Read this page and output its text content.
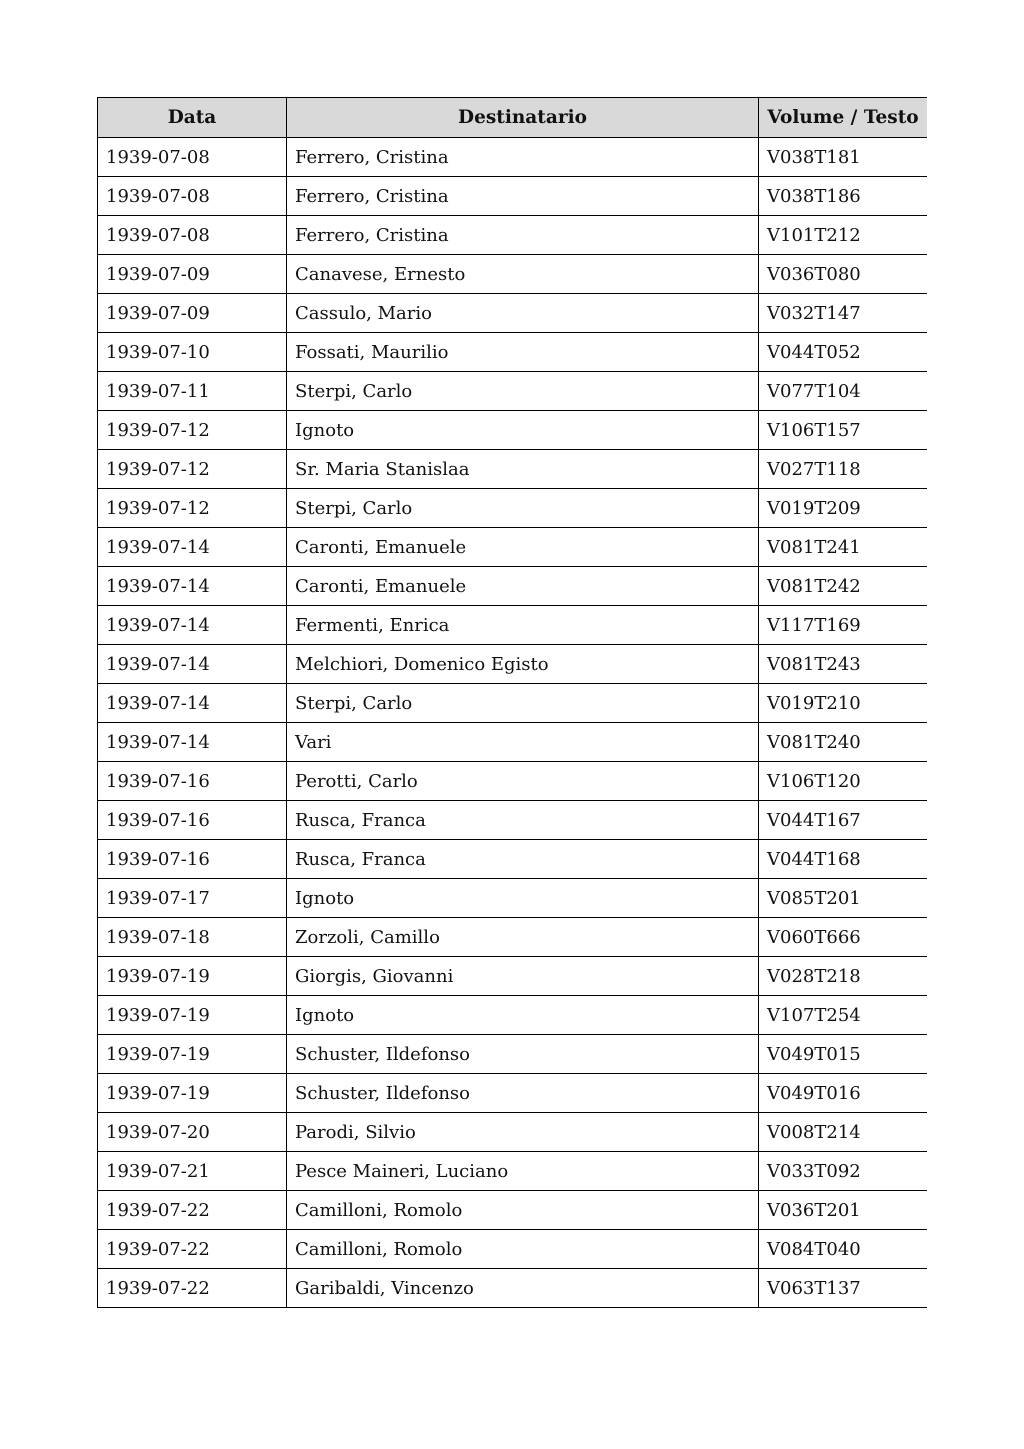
Data	Destinatario	Volume / Testo
1939-07-08	Ferrero, Cristina	V038T181
1939-07-08	Ferrero, Cristina	V038T186
1939-07-08	Ferrero, Cristina	V101T212
1939-07-09	Canavese, Ernesto	V036T080
1939-07-09	Cassulo, Mario	V032T147
1939-07-10	Fossati, Maurilio	V044T052
1939-07-11	Sterpi, Carlo	V077T104
1939-07-12	Ignoto	V106T157
1939-07-12	Sr. Maria Stanislaa	V027T118
1939-07-12	Sterpi, Carlo	V019T209
1939-07-14	Caronti, Emanuele	V081T241
1939-07-14	Caronti, Emanuele	V081T242
1939-07-14	Fermenti, Enrica	V117T169
1939-07-14	Melchiori, Domenico Egisto	V081T243
1939-07-14	Sterpi, Carlo	V019T210
1939-07-14	Vari	V081T240
1939-07-16	Perotti, Carlo	V106T120
1939-07-16	Rusca, Franca	V044T167
1939-07-16	Rusca, Franca	V044T168
1939-07-17	Ignoto	V085T201
1939-07-18	Zorzoli, Camillo	V060T666
1939-07-19	Giorgis, Giovanni	V028T218
1939-07-19	Ignoto	V107T254
1939-07-19	Schuster, Ildefonso	V049T015
1939-07-19	Schuster, Ildefonso	V049T016
1939-07-20	Parodi, Silvio	V008T214
1939-07-21	Pesce Maineri, Luciano	V033T092
1939-07-22	Camilloni, Romolo	V036T201
1939-07-22	Camilloni, Romolo	V084T040
1939-07-22	Garibaldi, Vincenzo	V063T137
